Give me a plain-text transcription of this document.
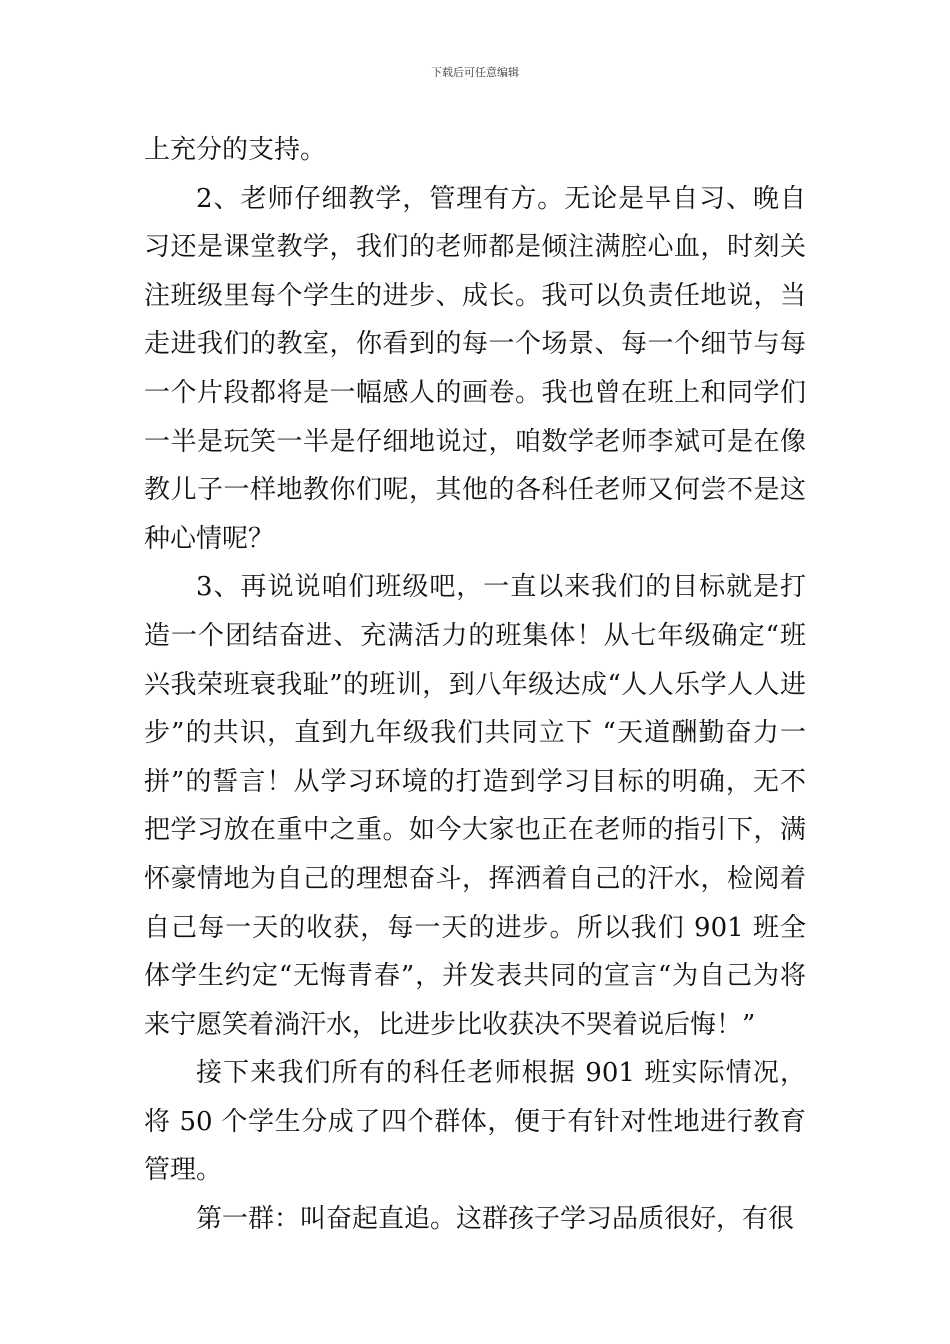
下载后可任意编辑

上充分的支持。

2、老师仔细教学，管理有方。无论是早自习、晚自习还是课堂教学，我们的老师都是倾注满腔心血，时刻关注班级里每个学生的进步、成长。我可以负责任地说，当走进我们的教室，你看到的每一个场景、每一个细节与每一个片段都将是一幅感人的画卷。我也曾在班上和同学们一半是玩笑一半是仔细地说过，咱数学老师李斌可是在像教儿子一样地教你们呢，其他的各科任老师又何尝不是这种心情呢？

3、再说说咱们班级吧，一直以来我们的目标就是打造一个团结奋进、充满活力的班集体！从七年级确定“班兴我荣班衰我耻”的班训，到八年级达成“人人乐学人人进步”的共识，直到九年级我们共同立下 “天道酬勤奋力一拼”的誓言！从学习环境的打造到学习目标的明确，无不把学习放在重中之重。如今大家也正在老师的指引下，满怀豪情地为自己的理想奋斗，挥洒着自己的汗水，检阅着自己每一天的收获，每一天的进步。所以我们 901 班全体学生约定“无悔青春”，并发表共同的宣言“为自己为将来宁愿笑着淌汗水，比进步比收获决不哭着说后悔！”

接下来我们所有的科任老师根据 901 班实际情况，将 50 个学生分成了四个群体，便于有针对性地进行教育管理。

第一群：叫奋起直追。这群孩子学习品质很好，有很
